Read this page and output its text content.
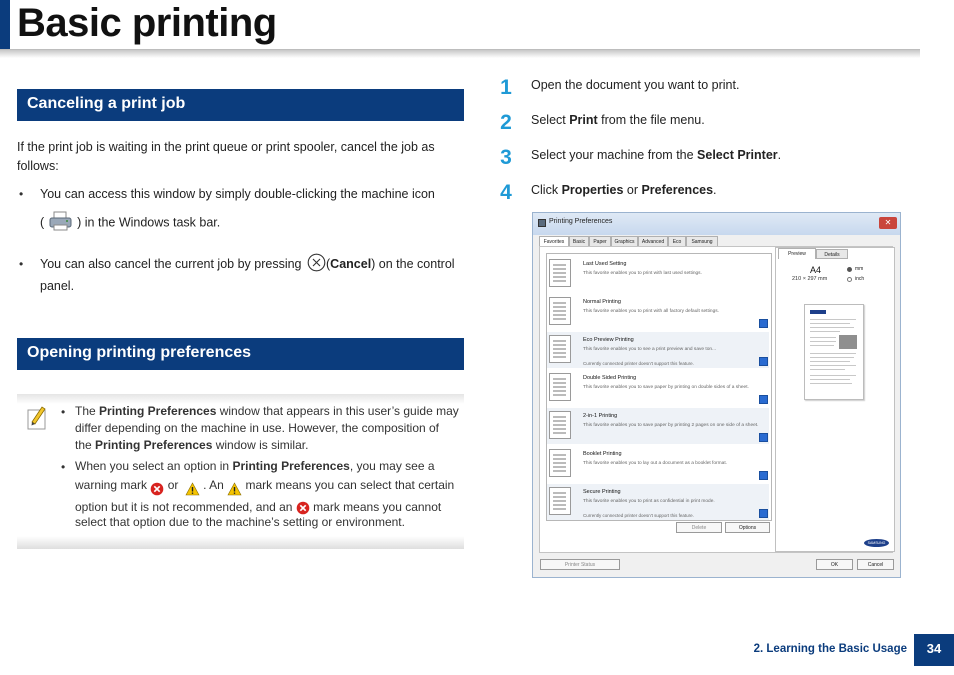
Basic printing
Canceling a print job
If the print job is waiting in the print queue or print spooler, cancel the job as
follows:
• You can access this window by simply double-clicking the machine icon
(	) in the Windows task bar.
• You can also cancel the current job by pressing (Cancel) on the control
panel.
Opening printing preferences
• The Printing Preferences window that appears in this user’s guide may
differ depending on the machine in use. However, the composition of
the Printing Preferences window is similar.
• When you select an option in Printing Preferences, you may see a
warning mark or . An mark means you can select that certain
option but it is not recommended, and an mark means you cannot
select that option due to the machine’s setting or environment.
1 Open the document you want to print.
2 Select Print from the file menu.
3 Select your machine from the Select Printer.
4 Click Properties or Preferences.
Printing Preferences	✕
Favorites	Basic	Paper	Graphics	Advanced	Eco	Samsung
Last Used Setting
This favorite enables you to print with last used settings.
Normal Printing
This favorite enables you to print with all factory default settings.
Eco Preview Printing
This favorite enables you to see a print preview and save ton...
Currently connected printer doesn't support this feature.
Double Sided Printing
This favorite enables you to save paper by printing on double sides of a sheet.
2-in-1 Printing
This favorite enables you to save paper by printing 2 pages on one side of a sheet.
Booklet Printing
This favorite enables you to lay out a document as a booklet format.
Secure Printing
This favorite enables you to print as confidential in print mode.
Currently connected printer doesn't support this feature.
Delete	Options
Preview	Details
A4
210 × 297 mm
mm
inch
SAMSUNG
Printer Status	OK	Cancel
2. Learning the Basic Usage	34
